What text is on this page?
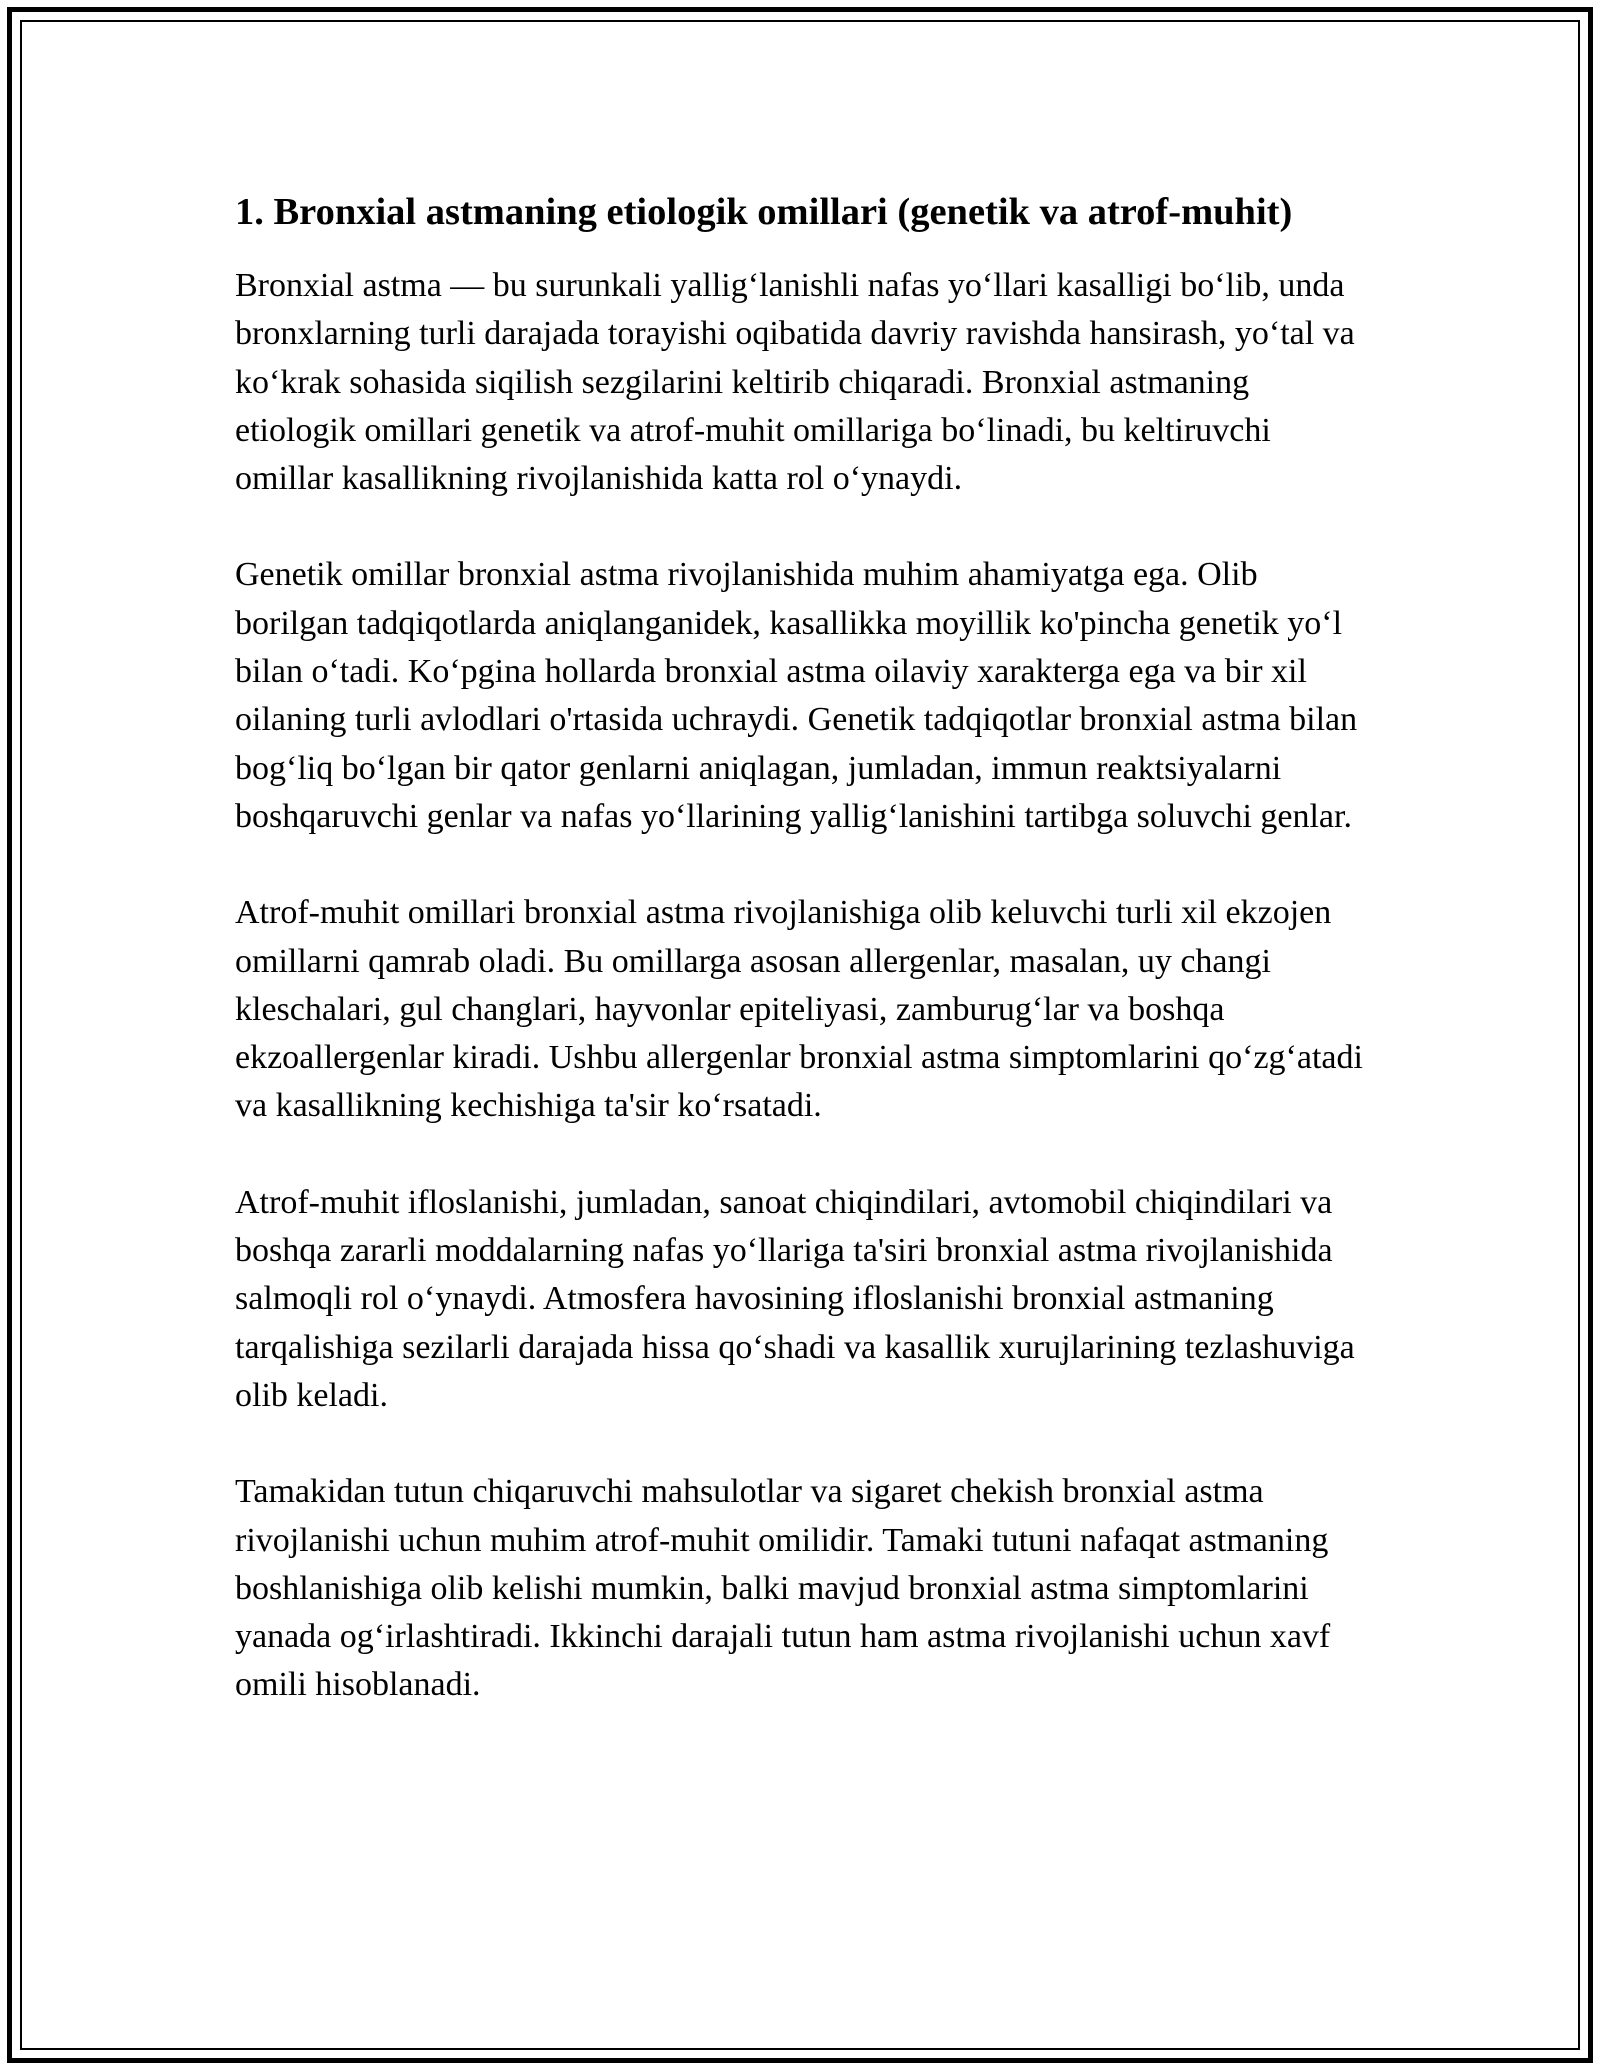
1. Bronxial astmaning etiologik omillari (genetik va atrof-muhit)

Bronxial astma — bu surunkali yallig‘lanishli nafas yo‘llari kasalligi bo‘lib, unda bronxlarning turli darajada torayishi oqibatida davriy ravishda hansirash, yo‘tal va ko‘krak sohasida siqilish sezgilarini keltirib chiqaradi. Bronxial astmaning etiologik omillari genetik va atrof-muhit omillariga bo‘linadi, bu keltiruvchi omillar kasallikning rivojlanishida katta rol o‘ynaydi.

Genetik omillar bronxial astma rivojlanishida muhim ahamiyatga ega. Olib borilgan tadqiqotlarda aniqlanganidek, kasallikka moyillik ko'pincha genetik yo‘l bilan o‘tadi. Ko‘pgina hollarda bronxial astma oilaviy xarakterga ega va bir xil oilaning turli avlodlari o'rtasida uchraydi. Genetik tadqiqotlar bronxial astma bilan bog‘liq bo‘lgan bir qator genlarni aniqlagan, jumladan, immun reaktsiyalarni boshqaruvchi genlar va nafas yo‘llarining yallig‘lanishini tartibga soluvchi genlar.

Atrof-muhit omillari bronxial astma rivojlanishiga olib keluvchi turli xil ekzojen omillarni qamrab oladi. Bu omillarga asosan allergenlar, masalan, uy changi kleschalari, gul changlari, hayvonlar epiteliyasi, zamburug‘lar va boshqa ekzoallergenlar kiradi. Ushbu allergenlar bronxial astma simptomlarini qo‘zg‘atadi va kasallikning kechishiga ta'sir ko‘rsatadi.

Atrof-muhit ifloslanishi, jumladan, sanoat chiqindilari, avtomobil chiqindilari va boshqa zararli moddalarning nafas yo‘llariga ta'siri bronxial astma rivojlanishida salmoqli rol o‘ynaydi. Atmosfera havosining ifloslanishi bronxial astmaning tarqalishiga sezilarli darajada hissa qo‘shadi va kasallik xurujlarining tezlashuviga olib keladi.

Tamakidan tutun chiqaruvchi mahsulotlar va sigaret chekish bronxial astma rivojlanishi uchun muhim atrof-muhit omilidir. Tamaki tutuni nafaqat astmaning boshlanishiga olib kelishi mumkin, balki mavjud bronxial astma simptomlarini yanada og‘irlashtiradi. Ikkinchi darajali tutun ham astma rivojlanishi uchun xavf omili hisoblanadi.
